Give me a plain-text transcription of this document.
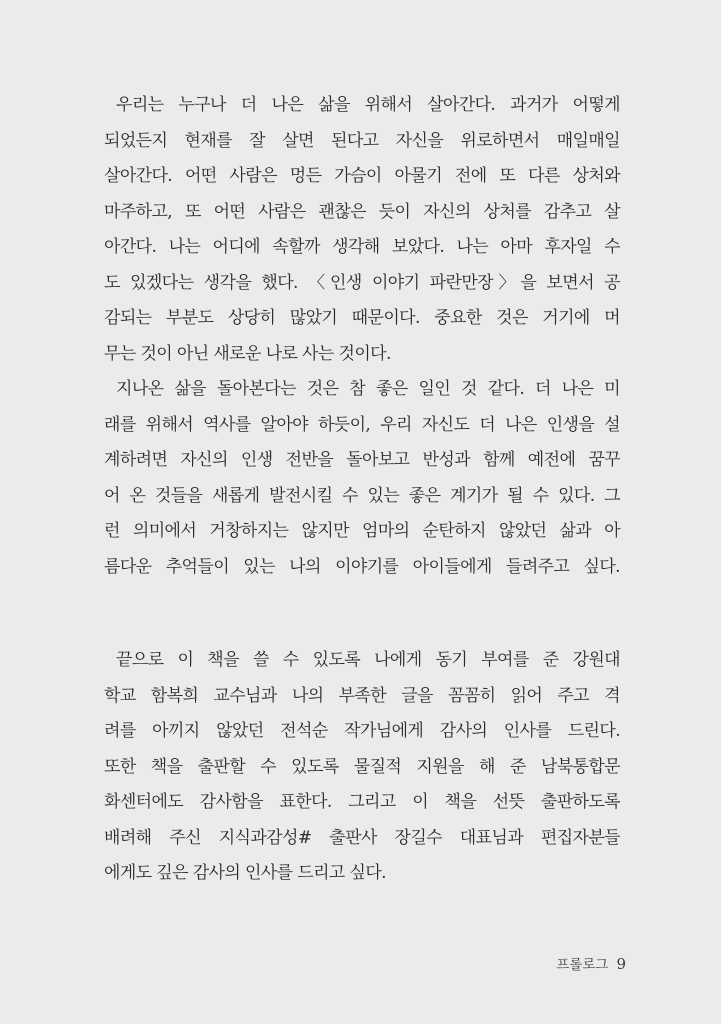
우리는 누구나 더 나은 삶을 위해서 살아간다. 과거가 어떻게
되었든지 현재를 잘 살면 된다고 자신을 위로하면서 매일매일
살아간다. 어떤 사람은 멍든 가슴이 아물기 전에 또 다른 상처와
마주하고, 또 어떤 사람은 괜찮은 듯이 자신의 상처를 감추고 살
아간다. 나는 어디에 속할까 생각해 보았다. 나는 아마 후자일 수
도 있겠다는 생각을 했다. 〈인생 이야기 파란만장〉을 보면서 공
감되는 부분도 상당히 많았기 때문이다. 중요한 것은 거기에 머
무는 것이 아닌 새로운 나로 사는 것이다.
지나온 삶을 돌아본다는 것은 참 좋은 일인 것 같다. 더 나은 미
래를 위해서 역사를 알아야 하듯이, 우리 자신도 더 나은 인생을 설
계하려면 자신의 인생 전반을 돌아보고 반성과 함께 예전에 꿈꾸
어 온 것들을 새롭게 발전시킬 수 있는 좋은 계기가 될 수 있다. 그
런 의미에서 거창하지는 않지만 엄마의 순탄하지 않았던 삶과 아
름다운 추억들이 있는 나의 이야기를 아이들에게 들려주고 싶다.
끝으로 이 책을 쓸 수 있도록 나에게 동기 부여를 준 강원대
학교 함복희 교수님과 나의 부족한 글을 꼼꼼히 읽어 주고 격
려를 아끼지 않았던 전석순 작가님에게 감사의 인사를 드린다.
또한 책을 출판할 수 있도록 물질적 지원을 해 준 남북통합문
화센터에도 감사함을 표한다. 그리고 이 책을 선뜻 출판하도록
배려해 주신 지식과감성# 출판사 장길수 대표님과 편집자분들
에게도 깊은 감사의 인사를 드리고 싶다.
프롤로그 9
